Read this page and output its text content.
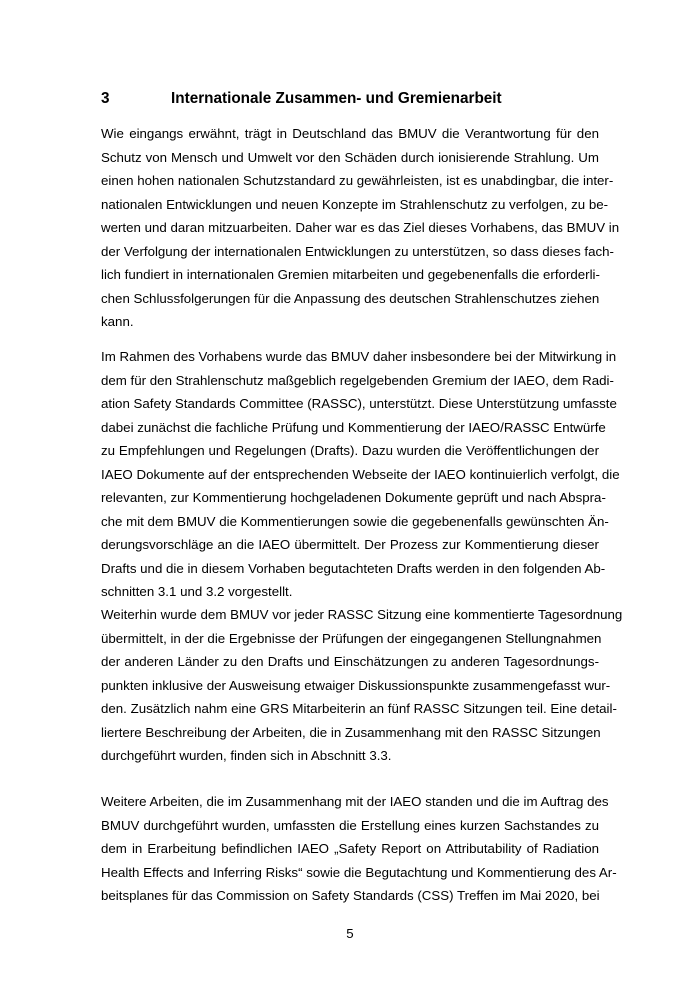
3	Internationale Zusammen- und Gremienarbeit
Wie eingangs erwähnt, trägt in Deutschland das BMUV die Verantwortung für den
Schutz von Mensch und Umwelt vor den Schäden durch ionisierende Strahlung. Um
einen hohen nationalen Schutzstandard zu gewährleisten, ist es unabdingbar, die inter-
nationalen Entwicklungen und neuen Konzepte im Strahlenschutz zu verfolgen, zu be-
werten und daran mitzuarbeiten. Daher war es das Ziel dieses Vorhabens, das BMUV in
der Verfolgung der internationalen Entwicklungen zu unterstützen, so dass dieses fach-
lich fundiert in internationalen Gremien mitarbeiten und gegebenenfalls die erforderli-
chen Schlussfolgerungen für die Anpassung des deutschen Strahlenschutzes ziehen
kann.
Im Rahmen des Vorhabens wurde das BMUV daher insbesondere bei der Mitwirkung in
dem für den Strahlenschutz maßgeblich regelgebenden Gremium der IAEO, dem Radi-
ation Safety Standards Committee (RASSC), unterstützt. Diese Unterstützung umfasste
dabei zunächst die fachliche Prüfung und Kommentierung der IAEO/RASSC Entwürfe
zu Empfehlungen und Regelungen (Drafts). Dazu wurden die Veröffentlichungen der
IAEO Dokumente auf der entsprechenden Webseite der IAEO kontinuierlich verfolgt, die
relevanten, zur Kommentierung hochgeladenen Dokumente geprüft und nach Abspra-
che mit dem BMUV die Kommentierungen sowie die gegebenenfalls gewünschten Än-
derungsvorschläge an die IAEO übermittelt. Der Prozess zur Kommentierung dieser
Drafts und die in diesem Vorhaben begutachteten Drafts werden in den folgenden Ab-
schnitten 3.1 und 3.2 vorgestellt.
Weiterhin wurde dem BMUV vor jeder RASSC Sitzung eine kommentierte Tagesordnung
übermittelt, in der die Ergebnisse der Prüfungen der eingegangenen Stellungnahmen
der anderen Länder zu den Drafts und Einschätzungen zu anderen Tagesordnungs-
punkten inklusive der Ausweisung etwaiger Diskussionspunkte zusammengefasst wur-
den. Zusätzlich nahm eine GRS Mitarbeiterin an fünf RASSC Sitzungen teil. Eine detail-
liertere Beschreibung der Arbeiten, die in Zusammenhang mit den RASSC Sitzungen
durchgeführt wurden, finden sich in Abschnitt 3.3.
Weitere Arbeiten, die im Zusammenhang mit der IAEO standen und die im Auftrag des
BMUV durchgeführt wurden, umfassten die Erstellung eines kurzen Sachstandes zu
dem in Erarbeitung befindlichen IAEO „Safety Report on Attributability of Radiation
Health Effects and Inferring Risks“ sowie die Begutachtung und Kommentierung des Ar-
beitsplanes für das Commission on Safety Standards (CSS) Treffen im Mai 2020, bei
5
